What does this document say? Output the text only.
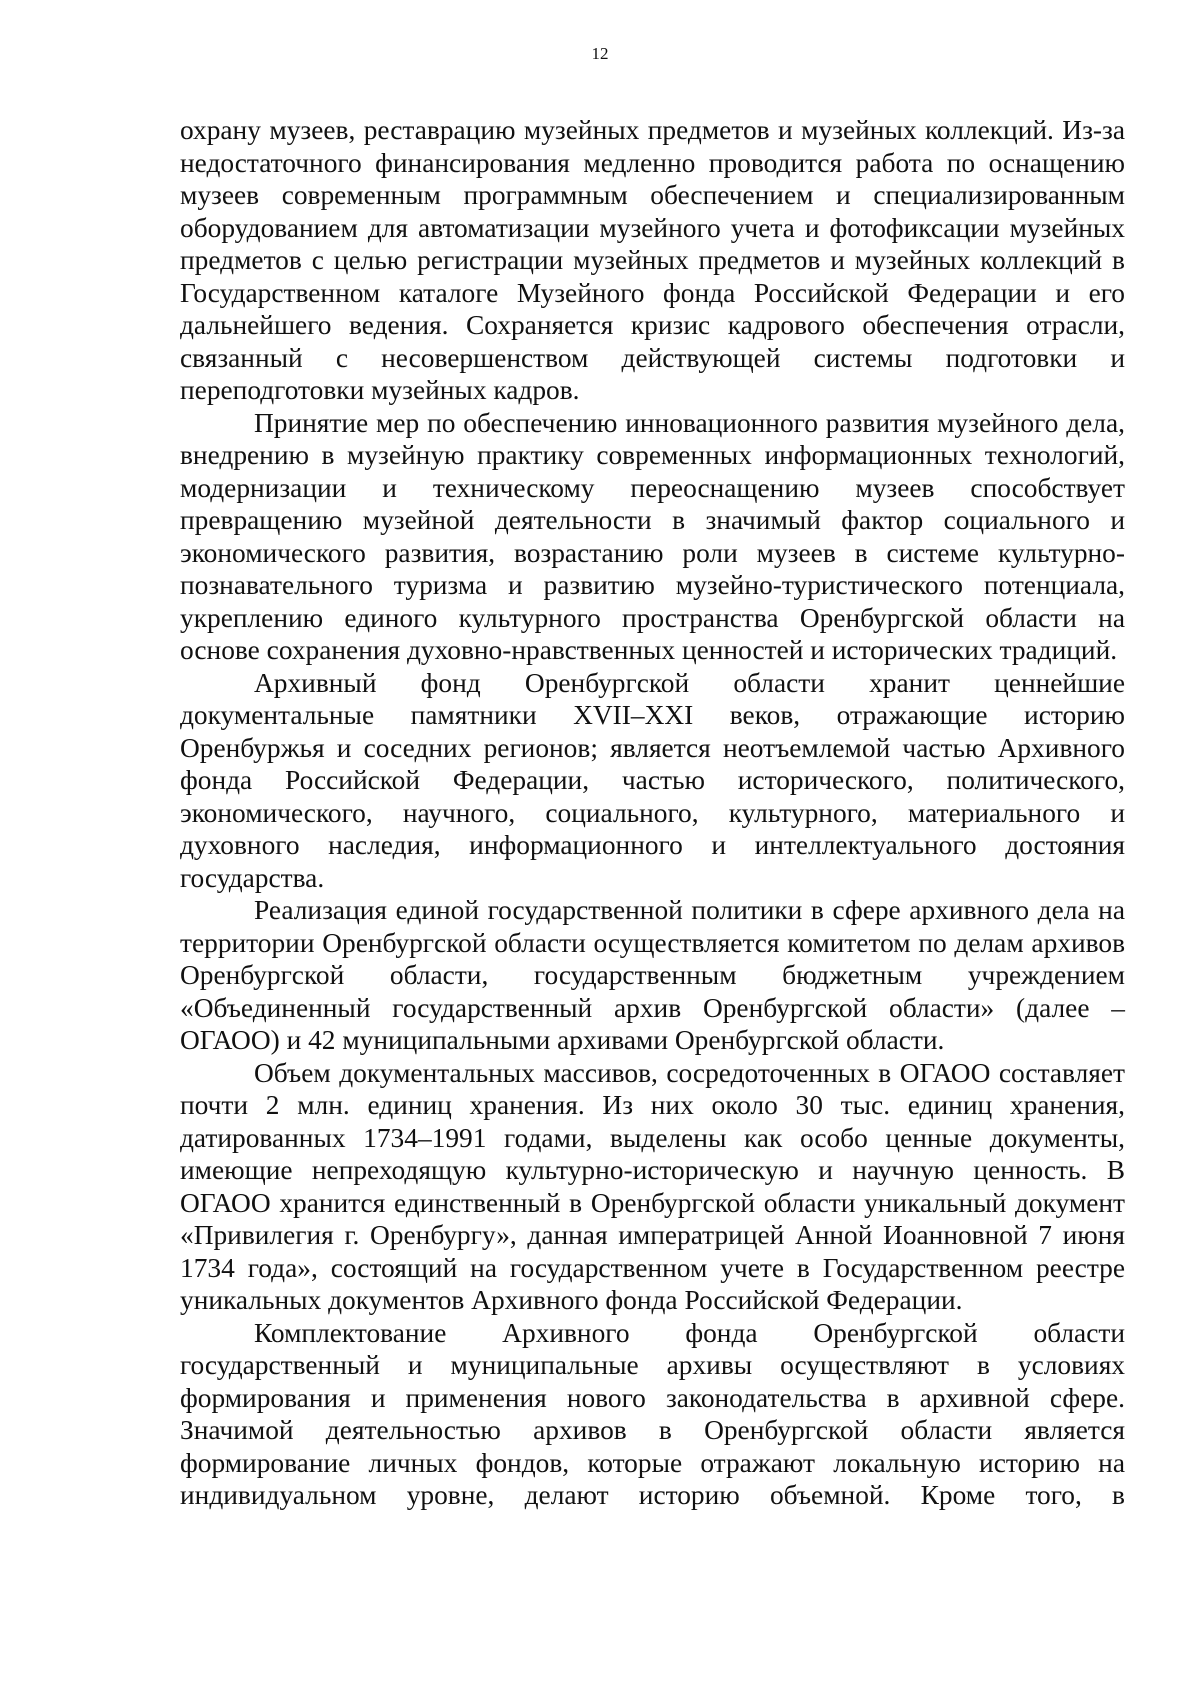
12

охрану музеев, реставрацию музейных предметов и музейных коллекций. Из-за недостаточного финансирования медленно проводится работа по оснащению музеев современным программным обеспечением и специализированным оборудованием для автоматизации музейного учета и фотофиксации музейных предметов с целью регистрации музейных предметов и музейных коллекций в Государственном каталоге Музейного фонда Российской Федерации и его дальнейшего ведения. Сохраняется кризис кадрового обеспечения отрасли, связанный с несовершенством действующей системы подготовки и переподготовки музейных кадров.

Принятие мер по обеспечению инновационного развития музейного дела, внедрению в музейную практику современных информационных технологий, модернизации и техническому переоснащению музеев способствует превращению музейной деятельности в значимый фактор социального и экономического развития, возрастанию роли музеев в системе культурно-познавательного туризма и развитию музейно-туристического потенциала, укреплению единого культурного пространства Оренбургской области на основе сохранения духовно-нравственных ценностей и исторических традиций.

Архивный фонд Оренбургской области хранит ценнейшие документальные памятники XVII–XXI веков, отражающие историю Оренбуржья и соседних регионов; является неотъемлемой частью Архивного фонда Российской Федерации, частью исторического, политического, экономического, научного, социального, культурного, материального и духовного наследия, информационного и интеллектуального достояния государства.

Реализация единой государственной политики в сфере архивного дела на территории Оренбургской области осуществляется комитетом по делам архивов Оренбургской области, государственным бюджетным учреждением «Объединенный государственный архив Оренбургской области» (далее – ОГАОО) и 42 муниципальными архивами Оренбургской области.

Объем документальных массивов, сосредоточенных в ОГАОО составляет почти 2 млн. единиц хранения. Из них около 30 тыс. единиц хранения, датированных 1734–1991 годами, выделены как особо ценные документы, имеющие непреходящую культурно-историческую и научную ценность. В ОГАОО хранится единственный в Оренбургской области уникальный документ «Привилегия г. Оренбургу», данная императрицей Анной Иоанновной 7 июня 1734 года», состоящий на государственном учете в Государственном реестре уникальных документов Архивного фонда Российской Федерации.

Комплектование Архивного фонда Оренбургской области государственный и муниципальные архивы осуществляют в условиях формирования и применения нового законодательства в архивной сфере. Значимой деятельностью архивов в Оренбургской области является формирование личных фондов, которые отражают локальную историю на индивидуальном уровне, делают историю объемной. Кроме того, в
